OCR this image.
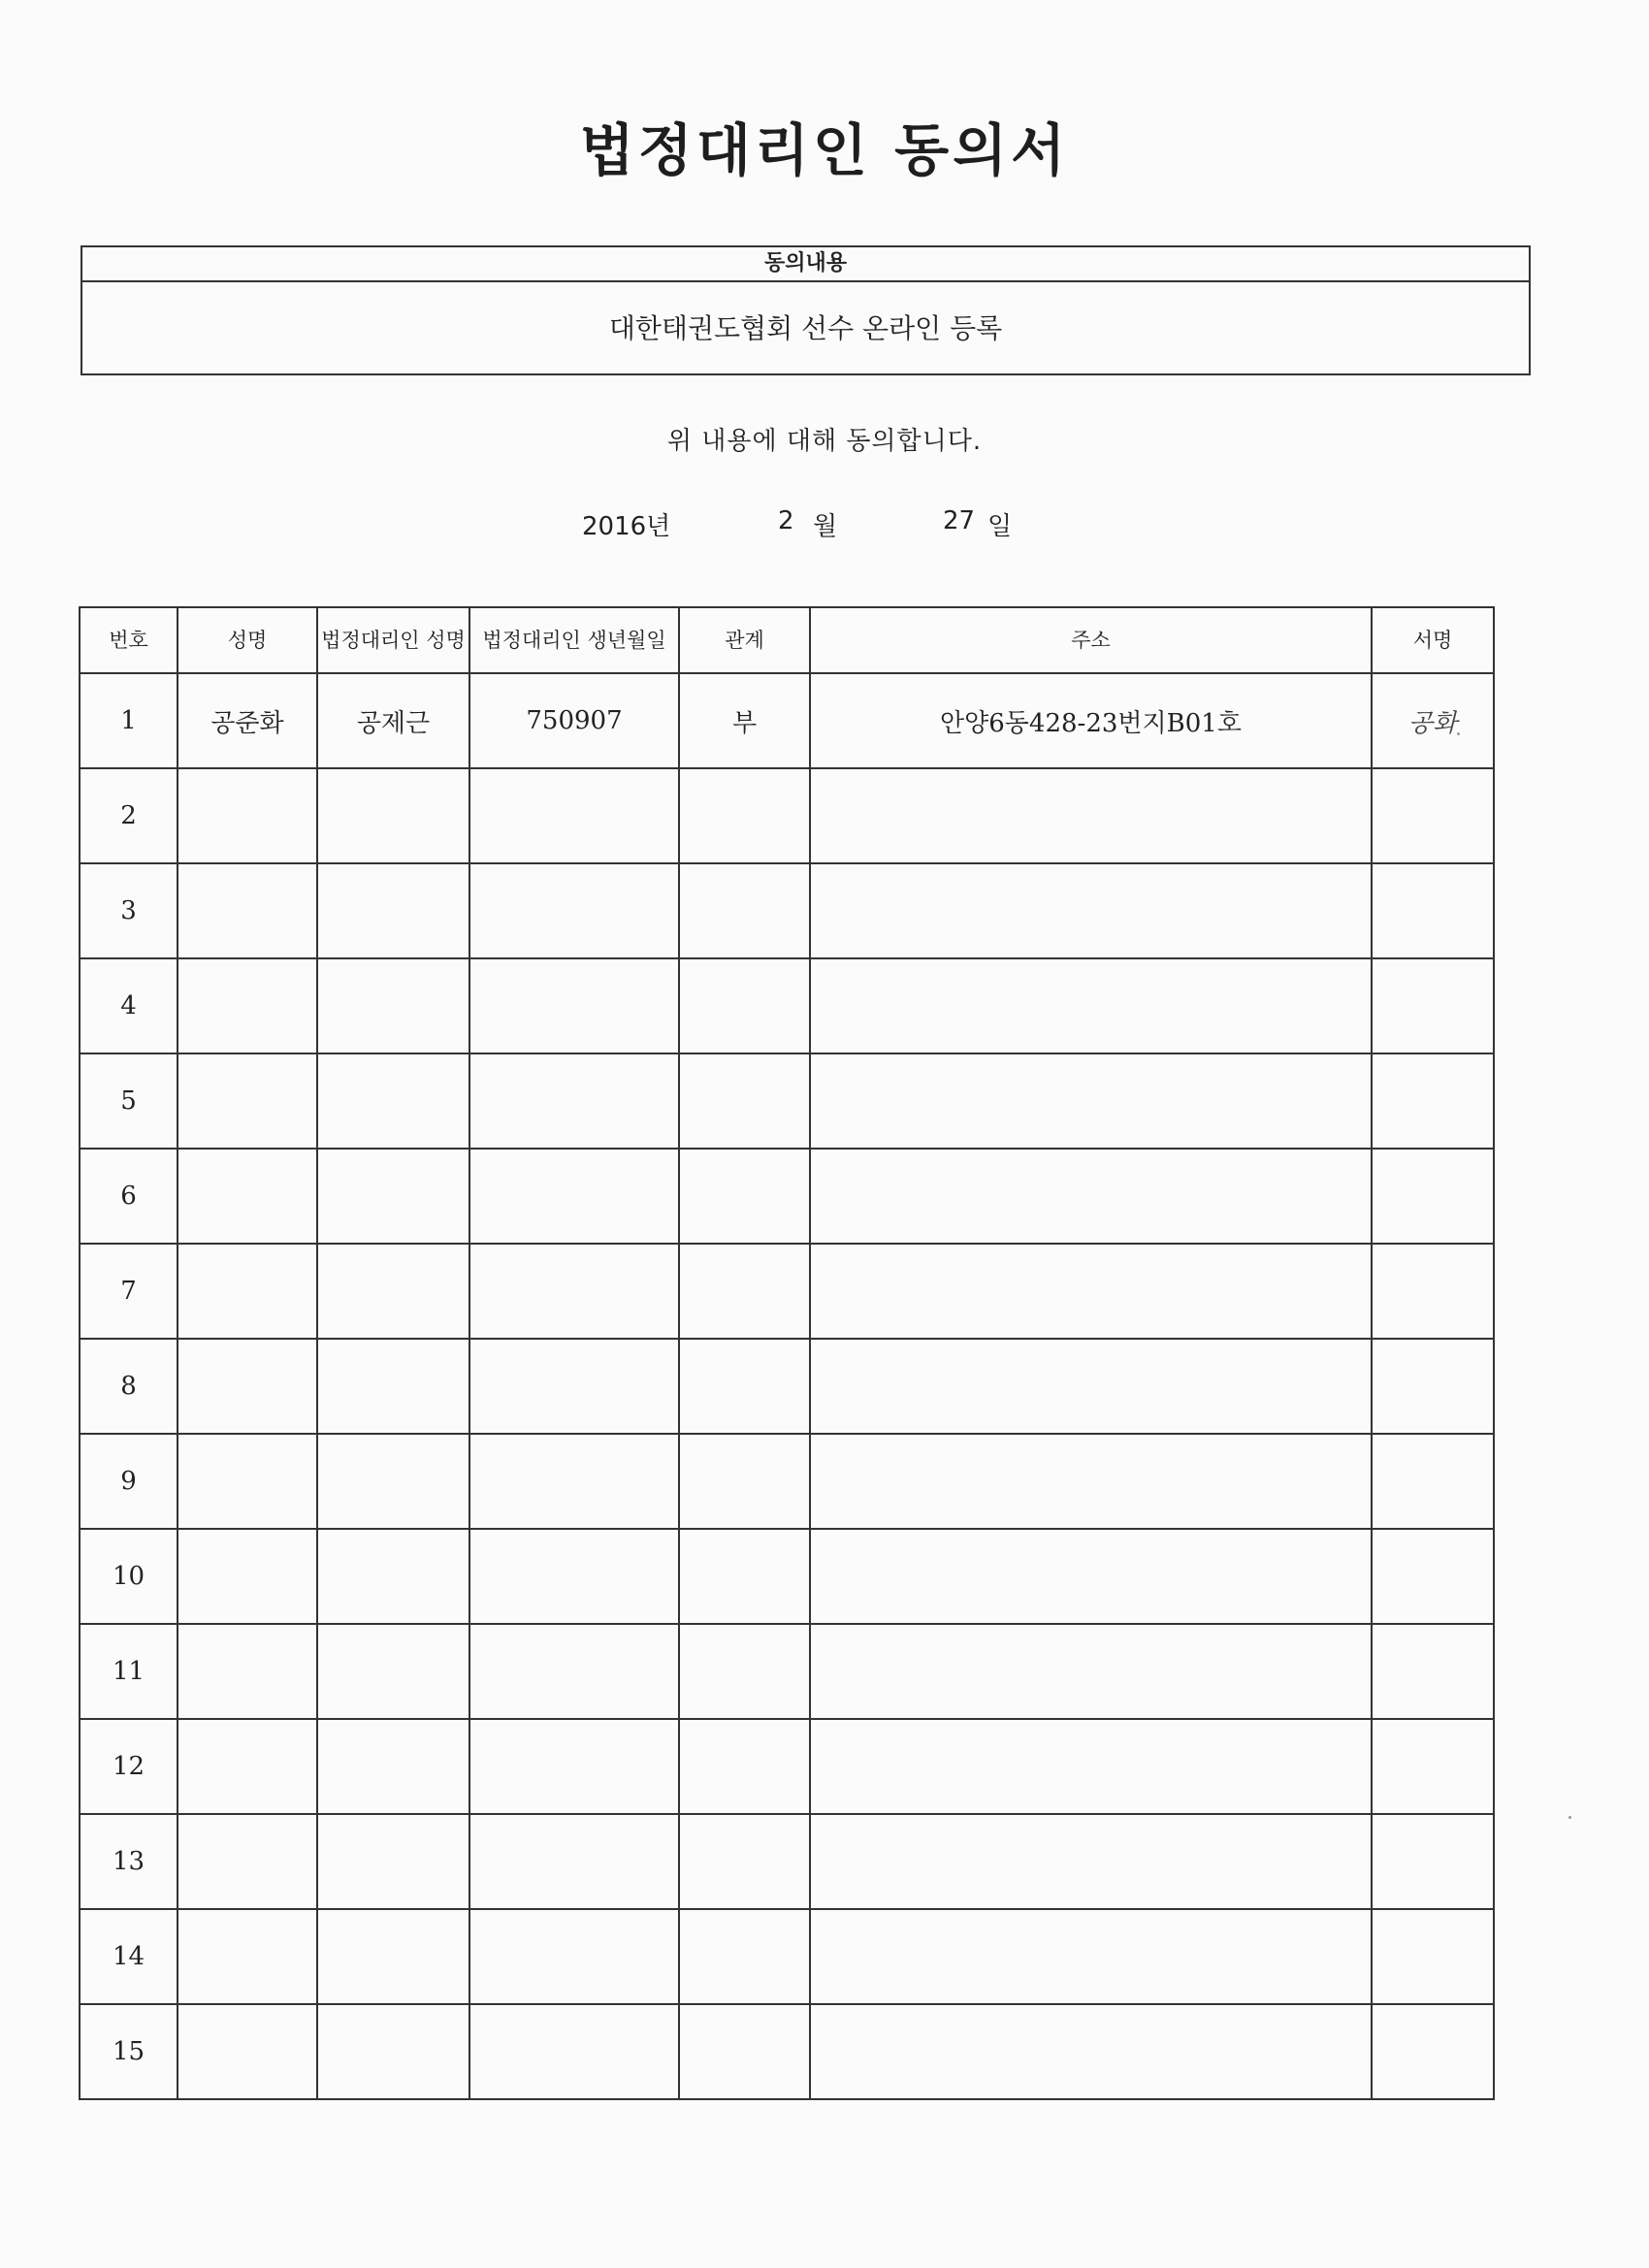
법정대리인 동의서
동의내용
대한태권도협회 선수 온라인 등록
위 내용에 대해 동의합니다.
2016년	2 월	27 일
번호	성명	법정대리인 성명	법정대리인 생년월일	관계	주소	서명
1	공준화	공제근	750907	부	안양6동428-23번지B01호	공화
2						
3						
4						
5						
6						
7						
8						
9						
10						
11						
12						
13						
14						
15						
